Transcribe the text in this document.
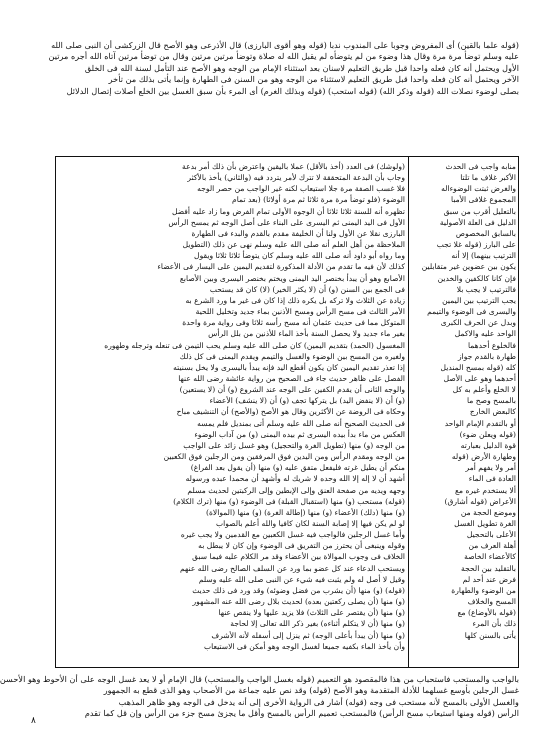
(قوله علما بالقين) أى المفروض وجوبا على المندوب ندبا (قوله وهو أقوى البارزى) قال الأذرعى وهو الأصح قال الزركشى أن النبى صلى الله

عليه وسلم توضأ مرة مرة وقال هذا وضوء من لم يتوضأه لم يقبل الله له صلاة وتوضأ مرتين مرتين وقال من توضأ مرتين آتاه الله أجره مرتين

الأول ويحتمل أنه كان فعله واحدا قبل طريق التعليم لاسنان بعد استثناء الإمام من الوجه وهو الأصح عند التأمل لسنة الله فى الخلق

الآخر ويحتمل أنه كان فعله واحدا قبل طريق التعليم لاستثناء من الوجه وهو من السنن فى الطهارة وإنما يأتى بذلك من تأخر

بصلى لوضوء نصلات الله (قوله وذكر الله) (قوله استحب) (قوله وبذلك الغرم) أى المرء بأن سبق الغسل بين الخلع أصلات إتصال الدلائل

(ولوشك) فى العدد (أخذ بالأقل) عملا باليقين واعترض بأن ذلك أمر بدعة

وجاب بأن البدعة المتحققة لا تترك لأمر يتردد فيه (والثاني) يأخذ بالأكثر

فلا غسب الصفة مرة جلا استيعاب لكنه غير الواجب من حصر الوجه

الوضوء (فلو توضأ مرة مرة ثلاثا ثم مرة أولاثا) (بعد تمام

تظهره أنه للسنة ثلاثا ثلاثا أن الوجوه الأولى تمام الفرض وما زاد عليه أفضل

الأول فى اليد اليمنى ثم اليسرى على البناء على أصل الوجه ثم يمسح الرأس

البارزى نقلا عن الأول ولنا أن الخليفة مقدم بالقدم والبدء فى الطهارة

الملاحظة من أهل العلم أنه صلى الله عليه وسلم نهى عن ذلك (التطويل

وما رواه أبو داود أنه صلى الله عليه وسلم كان يتوضأ ثلاثا ثلاثا ويقول

كذلك لأن فيه ما تقدم من الأدلة المذكورة لتقديم اليمين على اليسار فى الأعضاء

الأصابع وهو أن يبدأ بخنصر اليد اليمنى ويختم بخنصر اليسرى وبين الأصابع

فى الجمع بين السنن (و) أن (لا يكثر الخير) (لا) كان قد يستحب

زيادة عن الثلاث ولا تركه بل يكره ذلك إذا كان فى غير ما ورد الشرع به

الأمر الثالث فى مسح الرأس ومسح الأذنين بماء جديد وتخليل اللحية

المتوكل مما فى حديث عثمان أنه مسح رأسه ثلاثا وفى رواية مرة واحدة

بغير ماء جديد ولا يحصل السنة بأخذ الماء للأذنين من بلل الرأس

المغسول (الحمد) بتقديم اليمين) كان صلى الله عليه وسلم يحب التيمن فى تنعله وترجله وطهوره

ولغيره من المسح بين الوضوء والغسل والتيمم ويقدم اليمنى فى كل ذلك

إذا تعذر تقديم اليمين كان يكون أقطع اليد فإنه يبدأ باليسرى ولا يخل بسنيته

الفصل على ظاهر حديث جاء فى الصحيح من رواية عائشة رضى الله عنها

والوجه الثانى أن يقدم الكفين على الوجه عند الشروع (و) أن (لا يستعين)

(و) أن (لا ينفض اليد) بل يتركها تجف (و) أن (لا ينشف) الأعضاء

وحكاه فى الروضة عن الأكثرين وقال هو الأصح (والأصح) أن التنشيف مباح

فى الحديث الصحيح أنه صلى الله عليه وسلم أتى بمنديل فلم يمسه

العكس من ماء بدأ بيده اليسرى ثم بيده اليمنى (و) من آداب الوضوء

من الوجه (و) منها (تطويل الغرة والتحجيل) وهو غسل زائد على الواجب

من الوجه ومقدم الرأس ومن اليدين فوق المرفقين ومن الرجلين فوق الكعبين

منكم أن يطيل غرته فليفعل متفق عليه (و) منها (أن يقول بعد الفراغ)

أشهد أن لا إله إلا الله وحده لا شريك له وأشهد أن محمدا عبده ورسوله

وجهه ويديه من صفحة العنق وإلى الإبطين وإلى الركبتين لحديث مسلم

(قوله) مستحب (و) منها (استقبال القبلة) فى الوضوء (و) منها (ترك الكلام)

(و) منها (دلك) الأعضاء (و) منها (إطالة الغرة) (و) منها (الموالاة)

لو لم يكن فيها إلا إصابة السنة لكان كافيا والله أعلم بالصواب

وأما غسل الرجلين فالواجب فيه غسل الكعبين مع القدمين ولا يجب غيره

وقوله وينبغى أن يحترز من التفريق فى الوضوء وإن كان لا يبطل به

الخلاف فى وجوب الموالاة بين الأعضاء وقد مر الكلام عليه فيما سبق

ويستحب الدعاء عند كل عضو بما ورد عن السلف الصالح رضى الله عنهم

وقيل لا أصل له ولم يثبت فيه شيء عن النبى صلى الله عليه وسلم

(قوله) (و) منها (أن يشرب من فضل وضوئه) وقد ورد فى ذلك حديث

(و) منها (أن يصلى ركعتين بعده) لحديث بلال رضى الله عنه المشهور

(و) منها (أن يقتصر على الثلاث) فلا يزيد عليها ولا ينقص عنها

(و) منها (أن لا يتكلم أثناءه) بغير ذكر الله تعالى إلا لحاجة

(و) منها (أن يبدأ بأعلى الوجه) ثم ينزل إلى أسفله لأنه الأشرف

وأن يأخذ الماء بكفيه جميعا لغسل الوجه وهو أمكن فى الاستيعاب

منابه واجب فى الحدث

الأكبر غلاف ما تلتا

والغرض ثبتت الوضوءاله

المجموع غلافى الأمبا

بالتعليل أقرب من سبق

الدليل فى العلة الأصولية

بالسابق المخصوص

على البارز (قوله غلا تجب

الترتيب بينهما) إلا أنه

يكون بين عضوين غير متقابلين

فإن كانا كالكفين والخدين

فالترتيب لا يجب بلا

يجب الترتيب بين اليمين

واليسرى فى الوضوء والتيمم

وبدل عن الحرف الكبرى

الواحد عليه والاكمل

فالخلوع أحدهما

طهارة بالقدم جواز

كله (قوله بمسح المنديل

أحدهما وهو على الأصل

لا الخلع وأعلم به كل

بالمسح وصح ما

كالبعض الخارج

أو بالتقدم الإمام الواحد

(قوله ويعلن ضوء)

قوة الدليل بعبارته

وطهارة الأرض (قوله

أمر ولا يفهم أمر

العادة فى الماء

ألا يستخدم غيره مع

الأعراض (قوله أشارق)

وموضع الحجة من

الغرة تطويل الغسل

الأعلى بالتحجيل

أهلة العرف من

كالأعضاء الخاصة

بالتقليد بين الحجة

فرض عند أحد لم

من الوضوء والطهارة

المسح والخلاف

(قوله بالأوضاع) مع

ذلك بأن المرء

يأتى بالسنن كلها

بالواجب والمستحب فاستحباب من هذا فالمقصود هو التعميم (قوله بغسل الواجب والمستحب) قال الإمام أو لا يعد غسل الوجه على أن الأحوط وهو الأحسن

غسل الرجلين بأوسع غسلهما للأدلة المتقدمة وهو الأصح (قوله) وقد نص عليه جماعة من الأصحاب وهو الذى قطع به الجمهور

والغسل الأولى بالمسح لأنه مستحب فى وجه (قوله) أشار فى الرواية الأخرى إلى أنه يدخل فى الوجه وهو ظاهر المذهب

الرأس (قوله ومنها استيعاب مسح الرأس) فالمستحب تعميم الرأس بالمسح وأقل ما يجزئ مسح جزء من الرأس وإن قل كما تقدم

٨
